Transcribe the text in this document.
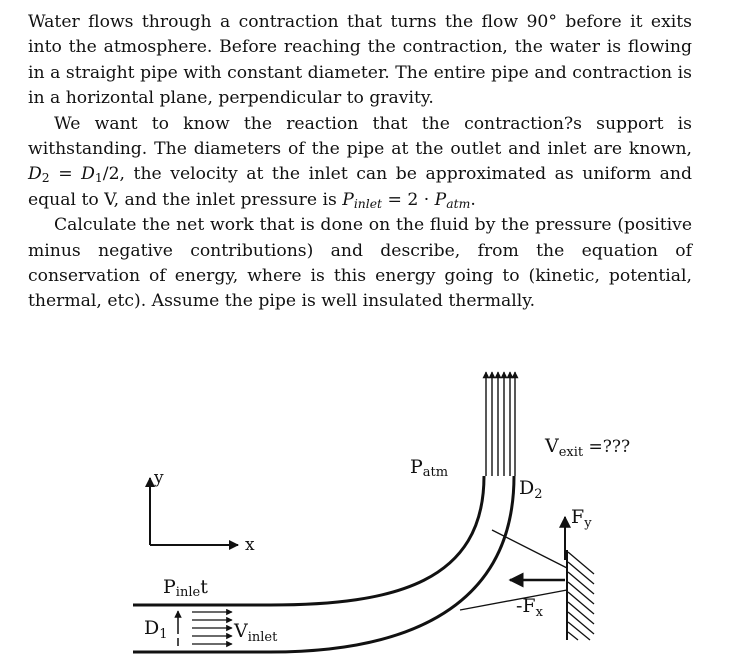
Water flows through a contraction that turns the flow 90° before it exits into the atmosphere. Before reaching the contraction, the water is flowing in a straight pipe with constant diameter. The entire pipe and contraction is in a horizontal plane, perpendicular to gravity.

We want to know the reaction that the contraction?s support is withstanding. The diameters of the pipe at the outlet and inlet are known, $D_2 = D_1/2$, the velocity at the inlet can be approximated as uniform and equal to V, and the inlet pressure is $P_{inlet} = 2 \cdot P_{atm}$.

Calculate the net work that is done on the fluid by the pressure (positive minus negative contributions) and describe, from the equation of conservation of energy, where is this energy going to (kinetic, potential, thermal, etc). Assume the pipe is well insulated thermally.

y
x
Patm
$V_{exit}$ =???
$D_2$
$F_y$
$-F_x$
Pinlet
$D_1$	$V_{inlet}$
